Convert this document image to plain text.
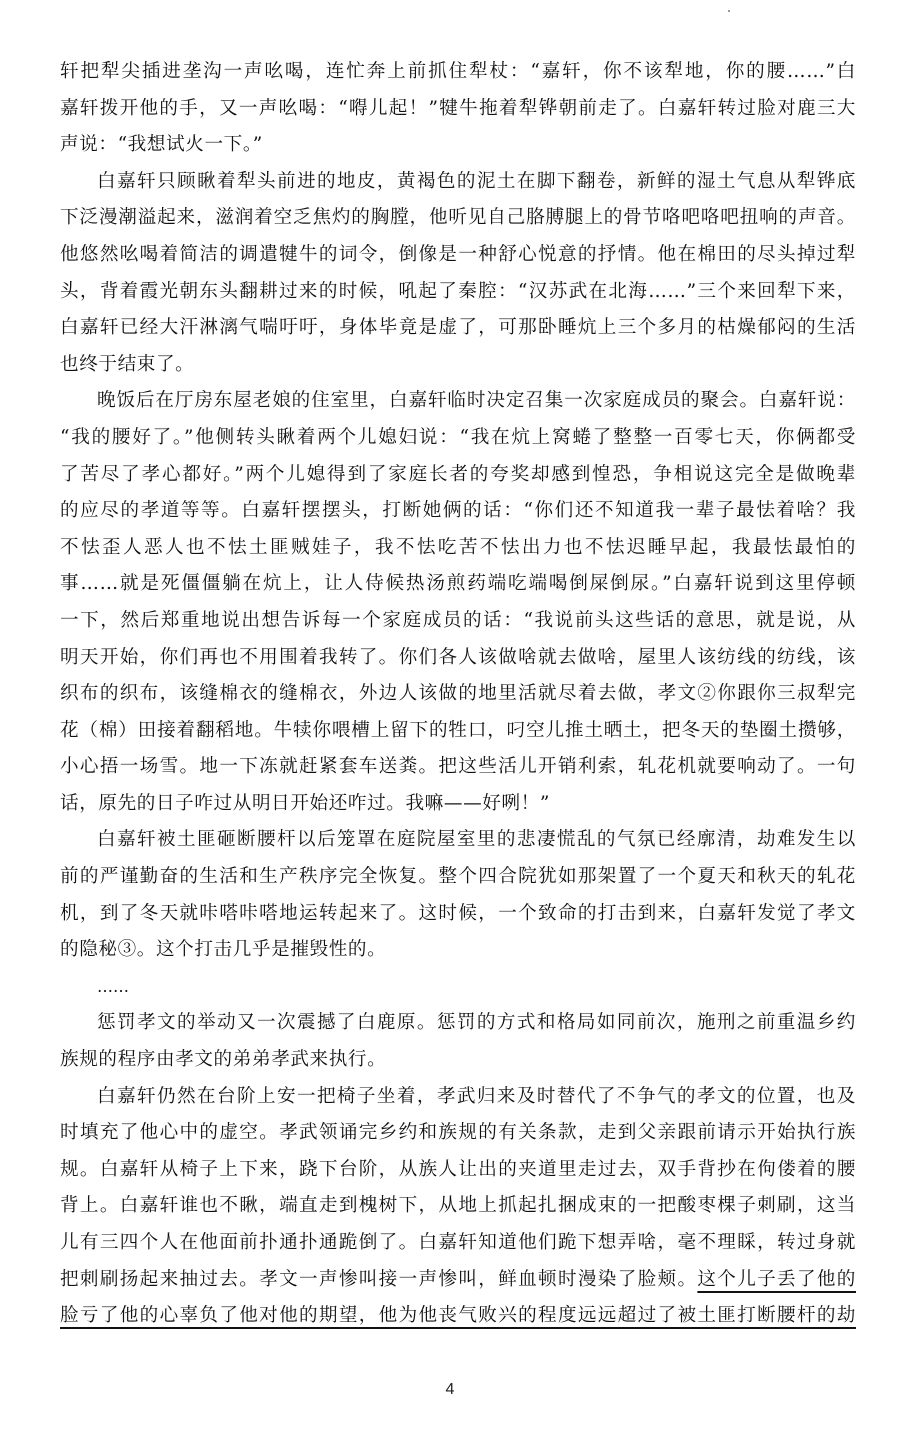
轩把犁尖插进垄沟一声吆喝，连忙奔上前抓住犁杖：“嘉轩，你不该犁地，你的腰……”白
嘉轩拨开他的手，又一声吆喝：“嘚儿起！”犍牛拖着犁铧朝前走了。白嘉轩转过脸对鹿三大
声说：“我想试火一下。”
白嘉轩只顾瞅着犁头前进的地皮，黄褐色的泥土在脚下翻卷，新鲜的湿土气息从犁铧底
下泛漫潮溢起来，滋润着空乏焦灼的胸膛，他听见自己胳膊腿上的骨节咯吧咯吧扭响的声音。
他悠然吆喝着简洁的调遣犍牛的词令，倒像是一种舒心悦意的抒情。他在棉田的尽头掉过犁
头，背着霞光朝东头翻耕过来的时候，吼起了秦腔：“汉苏武在北海……”三个来回犁下来，
白嘉轩已经大汗淋漓气喘吁吁，身体毕竟是虚了，可那卧睡炕上三个多月的枯燥郁闷的生活
也终于结束了。
晚饭后在厅房东屋老娘的住室里，白嘉轩临时决定召集一次家庭成员的聚会。白嘉轩说：
“我的腰好了。”他侧转头瞅着两个儿媳妇说：“我在炕上窝蜷了整整一百零七天，你俩都受
了苦尽了孝心都好。”两个儿媳得到了家庭长者的夸奖却感到惶恐，争相说这完全是做晚辈
的应尽的孝道等等。白嘉轩摆摆头，打断她俩的话：“你们还不知道我一辈子最怯着啥？我
不怯歪人恶人也不怯土匪贼娃子，我不怯吃苦不怯出力也不怯迟睡早起，我最怯最怕的
事……就是死僵僵躺在炕上，让人侍候热汤煎药端吃端喝倒屎倒尿。”白嘉轩说到这里停顿
一下，然后郑重地说出想告诉每一个家庭成员的话：“我说前头这些话的意思，就是说，从
明天开始，你们再也不用围着我转了。你们各人该做啥就去做啥，屋里人该纺线的纺线，该
织布的织布，该缝棉衣的缝棉衣，外边人该做的地里活就尽着去做，孝文②你跟你三叔犁完
花（棉）田接着翻稻地。牛犊你喂槽上留下的牲口，叼空儿推土晒土，把冬天的垫圈土攒够，
小心捂一场雪。地一下冻就赶紧套车送粪。把这些活儿开销利索，轧花机就要响动了。一句
话，原先的日子咋过从明日开始还咋过。我嘛——好咧！”
白嘉轩被土匪砸断腰杆以后笼罩在庭院屋室里的悲凄慌乱的气氛已经廓清，劫难发生以
前的严谨勤奋的生活和生产秩序完全恢复。整个四合院犹如那架置了一个夏天和秋天的轧花
机，到了冬天就咔嗒咔嗒地运转起来了。这时候，一个致命的打击到来，白嘉轩发觉了孝文
的隐秘③。这个打击几乎是摧毁性的。
……
惩罚孝文的举动又一次震撼了白鹿原。惩罚的方式和格局如同前次，施刑之前重温乡约
族规的程序由孝文的弟弟孝武来执行。
白嘉轩仍然在台阶上安一把椅子坐着，孝武归来及时替代了不争气的孝文的位置，也及
时填充了他心中的虚空。孝武领诵完乡约和族规的有关条款，走到父亲跟前请示开始执行族
规。白嘉轩从椅子上下来，跷下台阶，从族人让出的夹道里走过去，双手背抄在佝偻着的腰
背上。白嘉轩谁也不瞅，端直走到槐树下，从地上抓起扎捆成束的一把酸枣棵子刺刷，这当
儿有三四个人在他面前扑通扑通跪倒了。白嘉轩知道他们跪下想弄啥，毫不理睬，转过身就
把刺刷扬起来抽过去。孝文一声惨叫接一声惨叫，鲜血顿时漫染了脸颊。这个儿子丢了他的
脸亏了他的心辜负了他对他的期望，他为他丧气败兴的程度远远超过了被土匪打断腰杆的劫
4
